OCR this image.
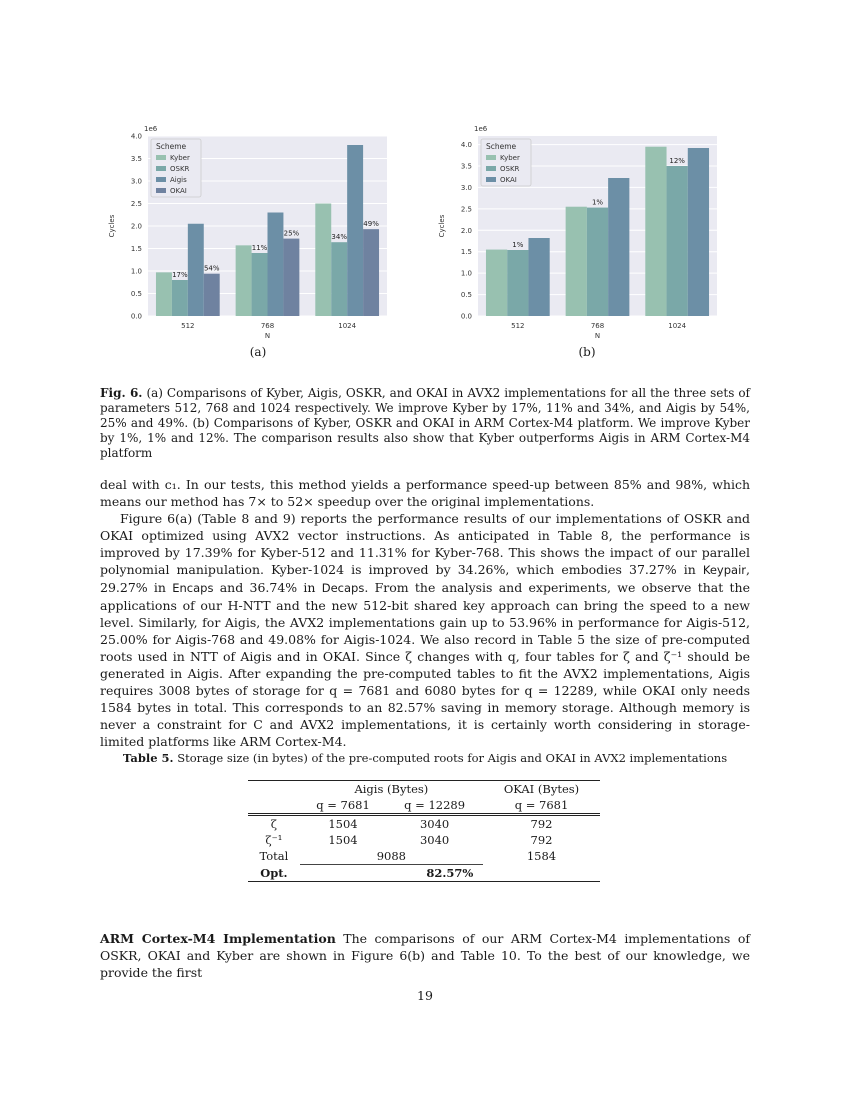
0.0
0.5
1.0
1.5
2.0
2.5
3.0
3.5
4.0
1e6
Cycles
512	768	1024
N
17%
54%
11%
25%	34%
49%
Scheme
Kyber
OSKR
Aigis
OKAI
0.0
0.5
1.0
1.5
2.0
2.5
3.0
3.5
4.0
1e6
Cycles
512	768	1024
N
1%
1%
12%
Scheme
Kyber
OSKR
OKAI
(a)	(b)
Fig. 6. (a) Comparisons of Kyber, Aigis, OSKR, and OKAI in AVX2 implementations for all the three sets of parameters 512, 768 and 1024 respectively. We improve Kyber by 17%, 11% and 34%, and Aigis by 54%, 25% and 49%. (b) Comparisons of Kyber, OSKR and OKAI in ARM Cortex-M4 platform. We improve Kyber by 1%, 1% and 12%. The comparison results also show that Kyber outperforms Aigis in ARM Cortex-M4 platform

deal with c₁. In our tests, this method yields a performance speed-up between 85% and 98%, which means our method has 7× to 52× speedup over the original implementations.

Figure 6(a) (Table 8 and 9) reports the performance results of our implementations of OSKR and OKAI optimized using AVX2 vector instructions. As anticipated in Table 8, the performance is improved by 17.39% for Kyber-512 and 11.31% for Kyber-768. This shows the impact of our parallel polynomial manipulation. Kyber-1024 is improved by 34.26%, which embodies 37.27% in Keypair, 29.27% in Encaps and 36.74% in Decaps. From the analysis and experiments, we observe that the applications of our H-NTT and the new 512-bit shared key approach can bring the speed to a new level. Similarly, for Aigis, the AVX2 implementations gain up to 53.96% in performance for Aigis-512, 25.00% for Aigis-768 and 49.08% for Aigis-1024. We also record in Table 5 the size of pre-computed roots used in NTT of Aigis and in OKAI. Since ζ changes with q, four tables for ζ and ζ⁻¹ should be generated in Aigis. After expanding the pre-computed tables to fit the AVX2 implementations, Aigis requires 3008 bytes of storage for q = 7681 and 6080 bytes for q = 12289, while OKAI only needs 1584 bytes in total. This corresponds to an 82.57% saving in memory storage. Although memory is never a constraint for C and AVX2 implementations, it is certainly worth considering in storage-limited platforms like ARM Cortex-M4.

Table 5. Storage size (in bytes) of the pre-computed roots for Aigis and OKAI in AVX2 implementations
	Aigis (Bytes)		OKAI (Bytes)
	q = 7681	q = 12289	q = 7681
ζ	1504	3040	792
ζ⁻¹	1504	3040	792
Total	9088		1584
Opt.	82.57%		

ARM Cortex-M4 Implementation The comparisons of our ARM Cortex-M4 implementations of OSKR, OKAI and Kyber are shown in Figure 6(b) and Table 10. To the best of our knowledge, we provide the first

19
